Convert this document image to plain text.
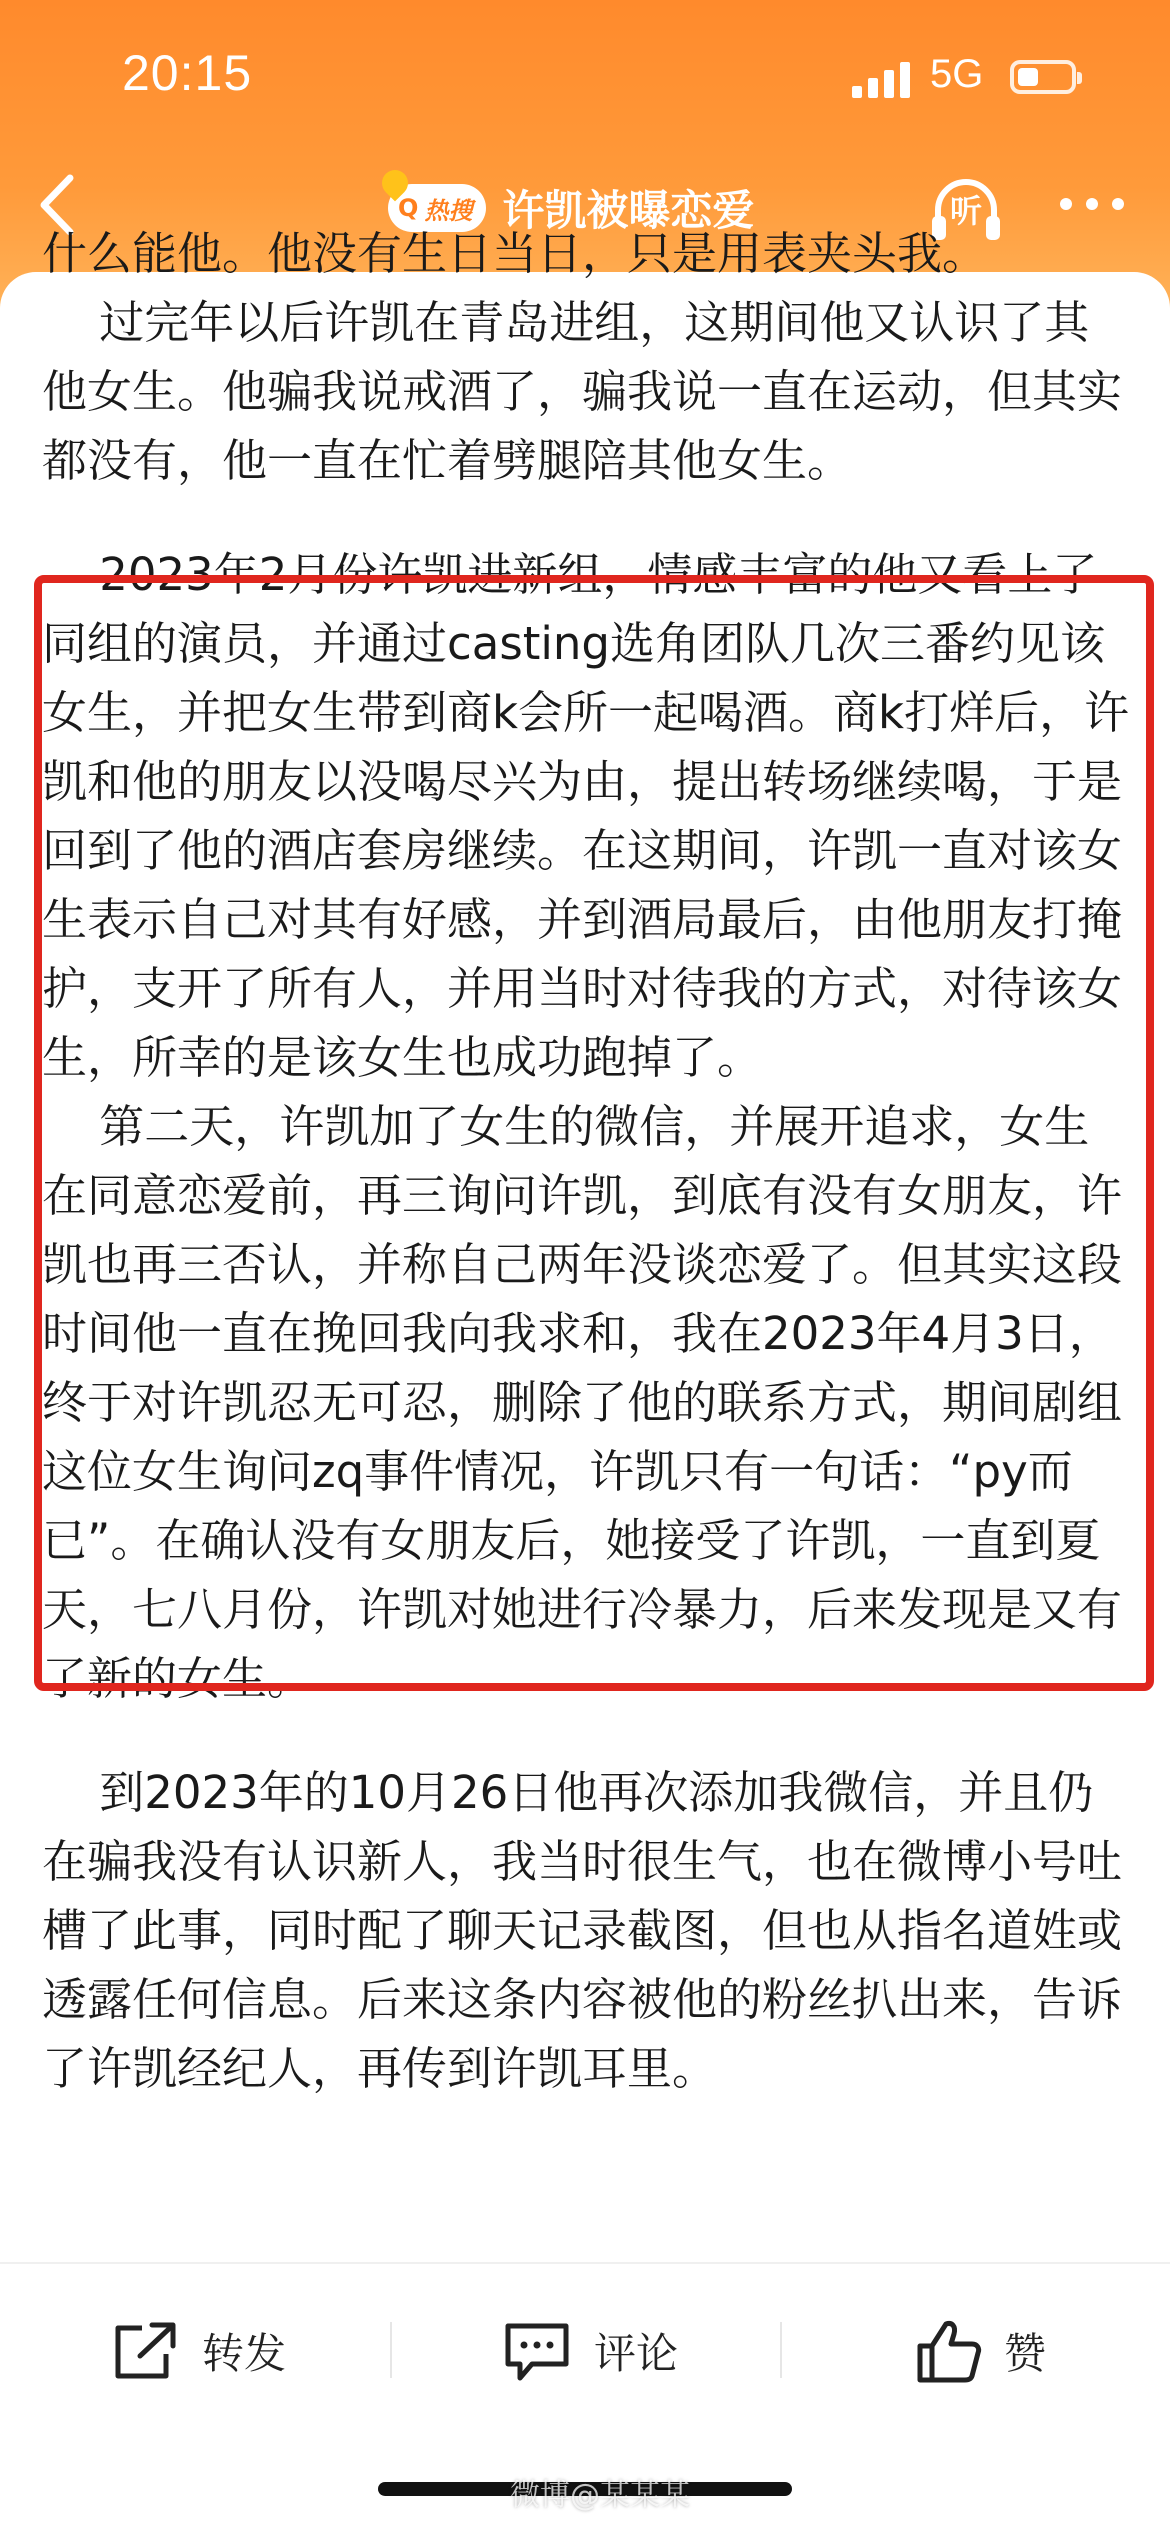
20:15	5G
Q 热搜 许凯被曝恋爱	听

什么能他。他没有生日当日，只是用表夹头我。

过完年以后许凯在青岛进组，这期间他又认识了其他女生。他骗我说戒酒了，骗我说一直在运动，但其实都没有，他一直在忙着劈腿陪其他女生。

2023年2月份许凯进新组，情感丰富的他又看上了同组的演员，并通过casting选角团队几次三番约见该女生，并把女生带到商k会所一起喝酒。商k打烊后，许凯和他的朋友以没喝尽兴为由，提出转场继续喝，于是回到了他的酒店套房继续。在这期间，许凯一直对该女生表示自己对其有好感，并到酒局最后，由他朋友打掩护，支开了所有人，并用当时对待我的方式，对待该女生，所幸的是该女生也成功跑掉了。

第二天，许凯加了女生的微信，并展开追求，女生在同意恋爱前，再三询问许凯，到底有没有女朋友，许凯也再三否认，并称自己两年没谈恋爱了。但其实这段时间他一直在挽回我向我求和，我在2023年4月3日，终于对许凯忍无可忍，删除了他的联系方式，期间剧组这位女生询问zq事件情况，许凯只有一句话：“py而已”。在确认没有女朋友后，她接受了许凯，一直到夏天，七八月份，许凯对她进行冷暴力，后来发现是又有了新的女生。

到2023年的10月26日他再次添加我微信，并且仍在骗我没有认识新人，我当时很生气，也在微博小号吐槽了此事，同时配了聊天记录截图，但也从指名道姓或透露任何信息。后来这条内容被他的粉丝扒出来，告诉了许凯经纪人，再传到许凯耳里。

转发	评论	赞
微博@某某某
